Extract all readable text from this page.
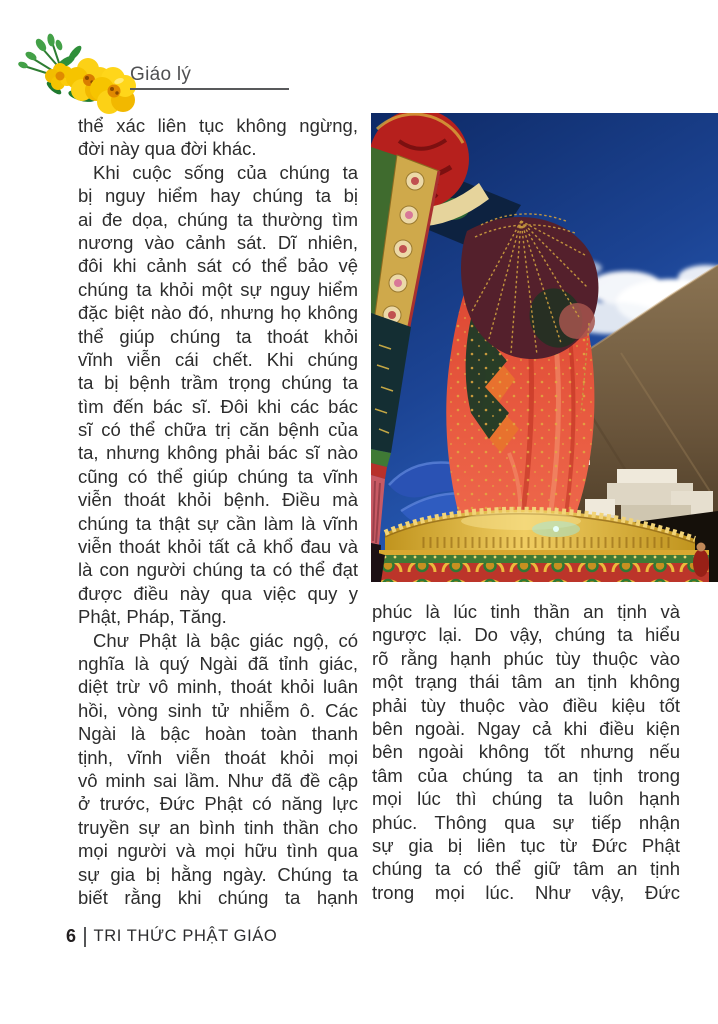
Giáo lý
thể xác liên tục không ngừng,
đời này qua đời khác.
Khi cuộc sống của chúng ta
bị nguy hiểm hay chúng ta bị
ai đe dọa, chúng ta thường tìm
nương vào cảnh sát. Dĩ nhiên,
đôi khi cảnh sát có thể bảo vệ
chúng ta khỏi một sự nguy hiểm
đặc biệt nào đó, nhưng họ không
thể giúp chúng ta thoát khỏi
vĩnh viễn cái chết. Khi chúng
ta bị bệnh trầm trọng chúng ta
tìm đến bác sĩ. Đôi khi các bác
sĩ có thể chữa trị căn bệnh của
ta, nhưng không phải bác sĩ nào
cũng có thể giúp chúng ta vĩnh
viễn thoát khỏi bệnh. Điều mà
chúng ta thật sự cần làm là vĩnh
viễn thoát khỏi tất cả khổ đau và
là con người chúng ta có thể đạt
được điều này qua việc quy y
Phật, Pháp, Tăng.
Chư Phật là bậc giác ngộ, có
nghĩa là quý Ngài đã tỉnh giác,
diệt trừ vô minh, thoát khỏi luân
hồi, vòng sinh tử nhiễm ô. Các
Ngài là bậc hoàn toàn thanh
tịnh, vĩnh viễn thoát khỏi mọi
vô minh sai lầm. Như đã đề cập
ở trước, Đức Phật có năng lực
truyền sự an bình tinh thần cho
mọi người và mọi hữu tình qua
sự gia bị hằng ngày. Chúng ta
biết rằng khi chúng ta hạnh
phúc là lúc tinh thần an tịnh và
ngược lại. Do vậy, chúng ta hiểu
rõ rằng hạnh phúc tùy thuộc vào
một trạng thái tâm an tịnh không
phải tùy thuộc vào điều kiệu tốt
bên ngoài. Ngay cả khi điều kiện
bên ngoài không tốt nhưng nếu
tâm của chúng ta an tịnh trong
mọi lúc thì chúng ta luôn hạnh
phúc. Thông qua sự tiếp nhận
sự gia bị liên tục từ Đức Phật
chúng ta có thể giữ tâm an tịnh
trong mọi lúc. Như vậy, Đức
6 TRI THỨC PHẬT GIÁO
